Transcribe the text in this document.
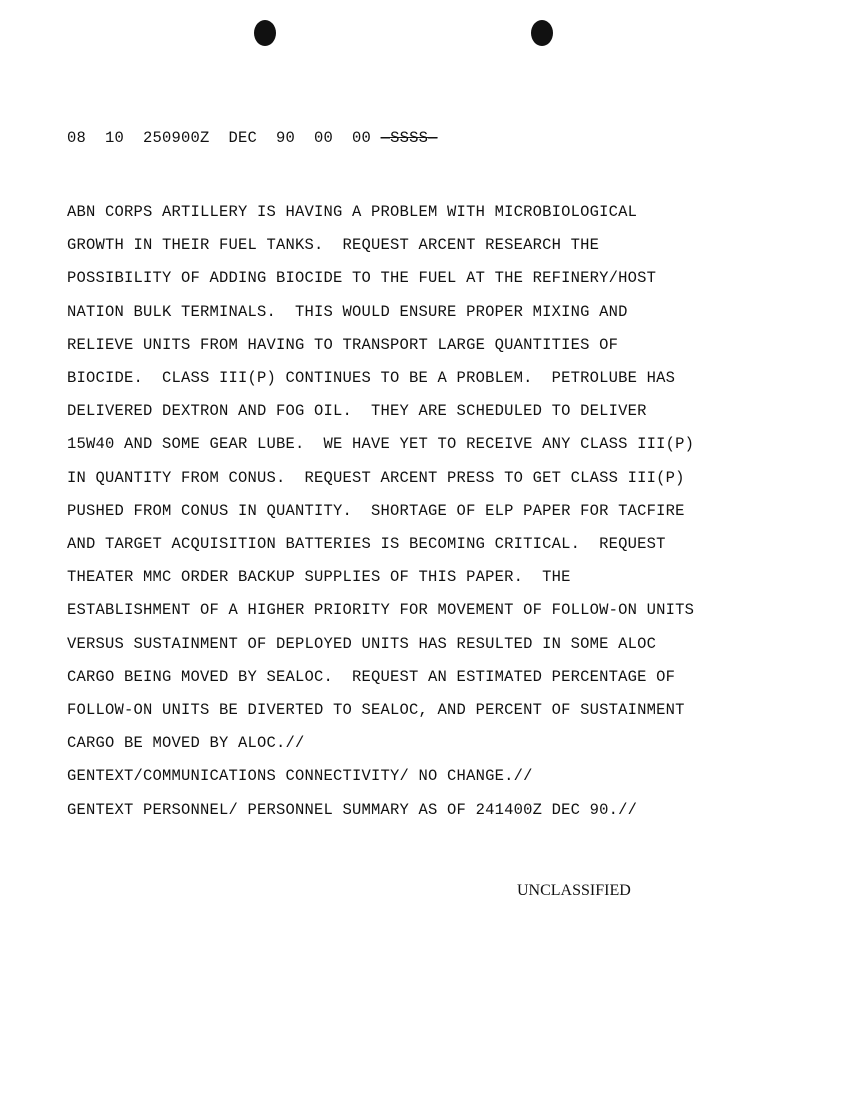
08  10  250900Z  DEC  90  00  00 —SSSS—
ABN CORPS ARTILLERY IS HAVING A PROBLEM WITH MICROBIOLOGICAL
GROWTH IN THEIR FUEL TANKS.  REQUEST ARCENT RESEARCH THE
POSSIBILITY OF ADDING BIOCIDE TO THE FUEL AT THE REFINERY/HOST
NATION BULK TERMINALS.  THIS WOULD ENSURE PROPER MIXING AND
RELIEVE UNITS FROM HAVING TO TRANSPORT LARGE QUANTITIES OF
BIOCIDE.  CLASS III(P) CONTINUES TO BE A PROBLEM.  PETROLUBE HAS
DELIVERED DEXTRON AND FOG OIL.  THEY ARE SCHEDULED TO DELIVER
15W40 AND SOME GEAR LUBE.  WE HAVE YET TO RECEIVE ANY CLASS III(P)
IN QUANTITY FROM CONUS.  REQUEST ARCENT PRESS TO GET CLASS III(P)
PUSHED FROM CONUS IN QUANTITY.  SHORTAGE OF ELP PAPER FOR TACFIRE
AND TARGET ACQUISITION BATTERIES IS BECOMING CRITICAL.  REQUEST
THEATER MMC ORDER BACKUP SUPPLIES OF THIS PAPER.  THE
ESTABLISHMENT OF A HIGHER PRIORITY FOR MOVEMENT OF FOLLOW-ON UNITS
VERSUS SUSTAINMENT OF DEPLOYED UNITS HAS RESULTED IN SOME ALOC
CARGO BEING MOVED BY SEALOC.  REQUEST AN ESTIMATED PERCENTAGE OF
FOLLOW-ON UNITS BE DIVERTED TO SEALOC, AND PERCENT OF SUSTAINMENT
CARGO BE MOVED BY ALOC.//
GENTEXT/COMMUNICATIONS CONNECTIVITY/ NO CHANGE.//
GENTEXT PERSONNEL/ PERSONNEL SUMMARY AS OF 241400Z DEC 90.//
UNCLASSIFIED
